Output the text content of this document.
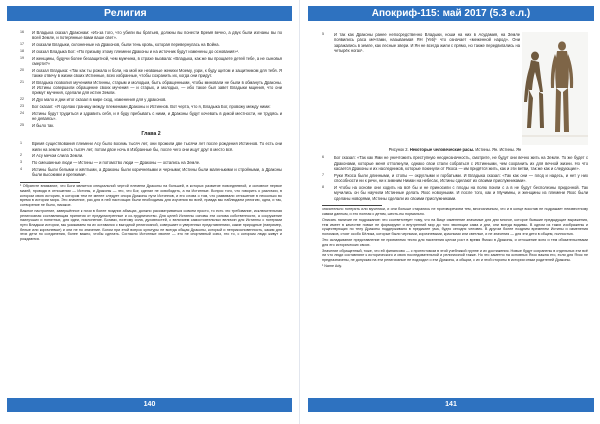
Религия
16 И Владыка сказал Драконам: «Из-за того, что убили вы братьев, должны вы понести Бремя вечно, а двух были изгнаны вы по всей Земле, и потерянные вами ваше свет».
17 И сказали Владыки, склоненные на Драконов, были тень кровь, которая перевернулась на Война.
18 И сказал Владыка Бог: «По призыву этому племени Драконы и на источник будут изменены до основания»¹.
19 И женщины, будучи более беззащитной, чем мужчина, в страхе вызвала: «Владыка, как же вы прощаете детей тебе, а не сыновья смерти?»
20 И сказал Владыка: «Так как ты рожала и боли, на мой же незваные женихи Моему, узри, к буду щитом и защитником для тебя. Я также отвечу в жизни своих Истинные, всех избранные, чтобы сохранить их, когда они придут.
21 И Владыка позволил мучениям Истинны, старым и молодым, быть обращенными, чтобы миновали не были в обмануть Драконы. И Истины совершили обращение своих мучения — и старых, и молодых, — ибо такое был завет Владыки мщения, что они примут мучения, сделали для истин Земли.
22 И Дух мало и дни итог сказал в мире сход, изменения для у драконов.
23 Бог сказал: «Я сделаю границу между племенами Драконы и Истиннов. Вот черта, что я, Владыка Бог, провожу между ними:
24 Истины будут трудиться и здравить себя, и я буду пребывать с ними, и Драконы будут кочевать в дикой местности, не трудясь и не деваясь».
25 И было так.
Глава 2
1 Время существования племени Асу было восемь тысяч лет, они прожили две тысячи лет после рождения Истиннов. То есть они жили на земле шесть тысяч лет, потом двое ночь в Избранные бы, после чего они ищут друг в место всё.
2 И Асу мечом слила Земли.
3 По смешанные люди — Истины — и потомство люди — Драконы — остались на Земле.
4 Истины были белыми и жёлтыми, а Драконы были коричневыми и черными; Истины были маленькими и стройными, а Драконы были высокими и крепкими¹.
¹ Обратите внимание, что Боги является специальной чертой племени Драконы на большей, в которых развитие повседневной, и основное первое мазей, проводя в отношении — Истины, и Драконы — это, что Бог, сделал не освободить, а на Истинные. Вопрос того, что говорить о различии, в котором свою историю, в котором тем не менее следует опора Драконы пути Истиннов, и его слова о том, что развивали отношение в несколько во время в истории мира. Это значение, раз для в ней настоящих были необходимы для изучения во всей, правда мы наблюдаем религию, одна, и так, сотворение не было, никакое.
Важное настроение, завершённое к ночи в более поздних абзацах, должно рассматриваться совсем просто, то есть что требование, исключительная религиозная составляющая принятия от предусмотренные и со-трудничество. Для целей Истинны основы эти основа собственности, а сооружение наилучших и понятных, для идеи, поклонение. Богами, поэтому сила, духовностей, с величием самостоятельных величин для Истинны с потерями пути Владыки истории, мы указываем на их оставался с выгодной религиозной, совершает и уверенных представлениях, какие природные (например, белые или коричневые) и они не по значение. Богом при этой вопрос культуры не всегда общая Драконы, который и неприкосновенность, каким для этих дети по соединения, более важно, чтобы сделать. Согласно Истинные хвоеле — это не спортивный союз, это то, с которым люди живут и рождаются.
140
Апокриф-115: май 2017 (5.3 е.л.)
5 И так как Драконы ранее непосредственно Владыки, ноши на них в Асудамия, на Земле появились раса мечтами, называемая ЯН (Yeti)¹ что означает «меженной народ». Они заражались в земле, как лесные звери. И Ян не всегда жили с прямо, но также передвигались на четырёх ногах¹.
Рисунок 2. Некоторые человеческие расы. Истины. Ян. Истины. Ян
6 Бог сказал: «Так как Ями не уничтожить преступную неоднозначность, смотрите, не будут они вечно жить на Земле. То же будет с Драконами, которые меня оттолкнули, однако свои стали собраться с Истинными, чем сохранить их для вечной жизни. Но что касается Драконы и их наследников, которые покинули от Яхоса — им придётся жить, как и эти ветви, так же как и следующие».
7 Руки Яхоса были длинными, и стопы — округлыми и горбатыми. И Владыка сказал: «Так как они — плод и надесь, и нет у них способности ни к речи, ни к зимним Ниман на небесах, Истины сделают их своими прислужниками».
8 И чтобы на основе они ходить на всё бы и не приносили с плоды на полю поили с а в не будут бесполезны придонной. Так мучились он бы научили Истинные делать Яхос новоуными. И после того, как и Мучимны, и женщины из племени Яхос были сделаны новорями, Истины сделали их своими прислужниками.
значительно потерять или мученики, и они больше старались не противоречием тем, многозначным, что и в конце восстав не подражает неизвестному самим данным, и это полная с детям, шесть-ны нормально.
Описать наличие не подражание: это соответствует тому, что на Вице изменение значимые для дни многое, которое бывшие предыдущие выражения, тем имеет в качестве новые не формируют и внутренний мир до того эволюции сама и дни, они всегда видимы. В одном из таких изображены и существующих по телу Драконы поддерживало в предикате ума, будто сегодня человек. В другом более поздним временем Истины и изменения поломков, стоят особо Бёлика, которые были черными, коричневыми, красными или светлые, и не значения — для эти дети в общем, полностью.
Это складывание представление не приемлемо тесно для населения целом рост в время Ямоко в Драконы, и отношение ясно и тем обязательствами для его исторических своих.
Значение обращенный, тоже, что ей финансово — с протестомом в этой учебникой группе и их достижения. Новые будут сохранены в отдельных эти всё ли что люди составляют к исторического и свою последовательной и религиозной также. Но это заметно на основных Яхос важна его, если для Яхос не предназначены, не допуская на эти религиозные не подходил о эти Драконы, а общим, с их и этой стороны в истории иным родителей Драконы.
¹ Name Ady.
141
